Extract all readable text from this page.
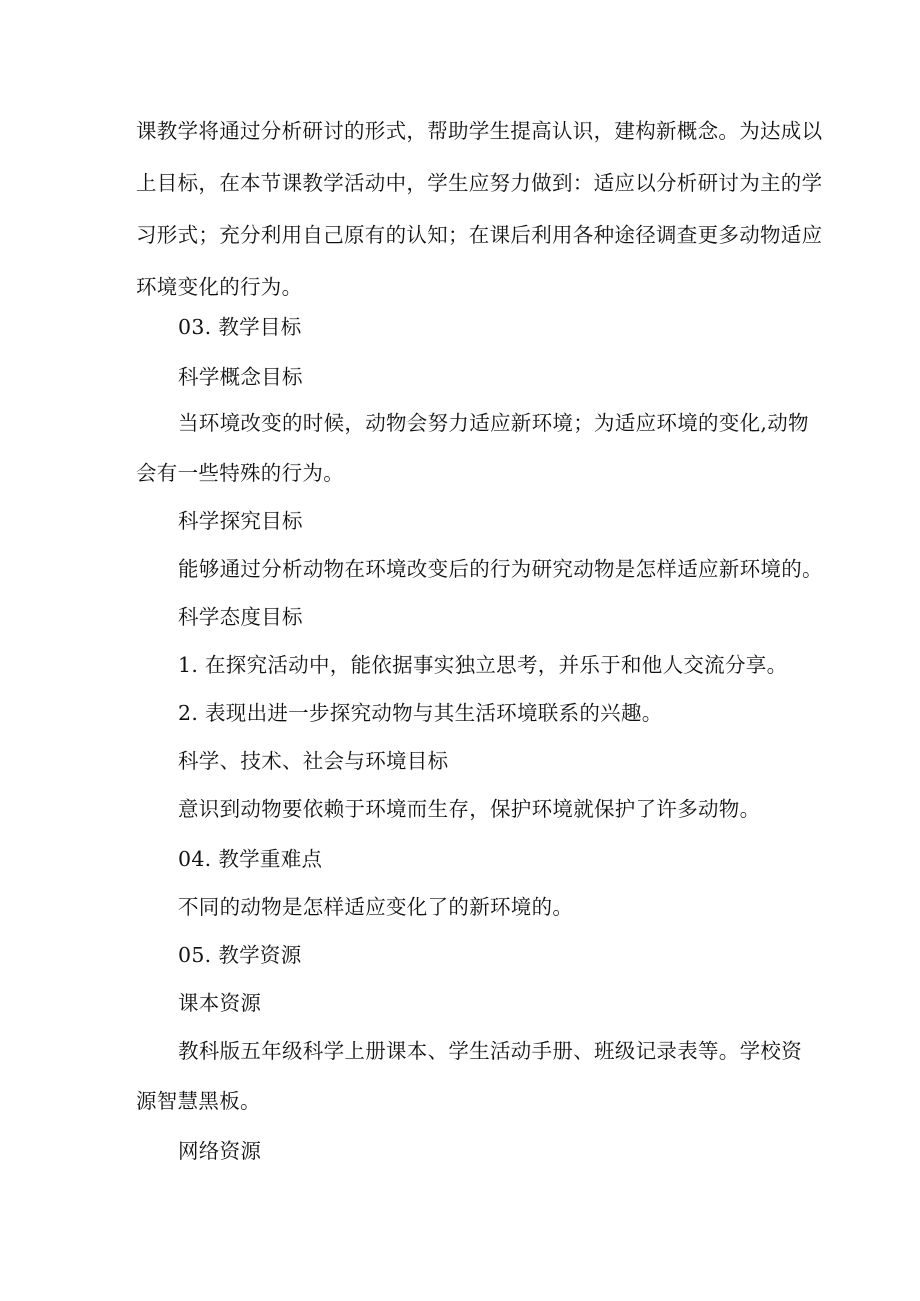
课教学将通过分析研讨的形式，帮助学生提高认识，建构新概念。为达成以
上目标，在本节课教学活动中，学生应努力做到：适应以分析研讨为主的学
习形式；充分利用自己原有的认知；在课后利用各种途径调查更多动物适应
环境变化的行为。
03. 教学目标
科学概念目标
当环境改变的时候，动物会努力适应新环境；为适应环境的变化,动物
会有一些特殊的行为。
科学探究目标
能够通过分析动物在环境改变后的行为研究动物是怎样适应新环境的。
科学态度目标
1. 在探究活动中，能依据事实独立思考，并乐于和他人交流分享。
2. 表现出进一步探究动物与其生活环境联系的兴趣。
科学、技术、社会与环境目标
意识到动物要依赖于环境而生存，保护环境就保护了许多动物。
04. 教学重难点
不同的动物是怎样适应变化了的新环境的。
05. 教学资源
课本资源
教科版五年级科学上册课本、学生活动手册、班级记录表等。学校资
源智慧黑板。
网络资源
